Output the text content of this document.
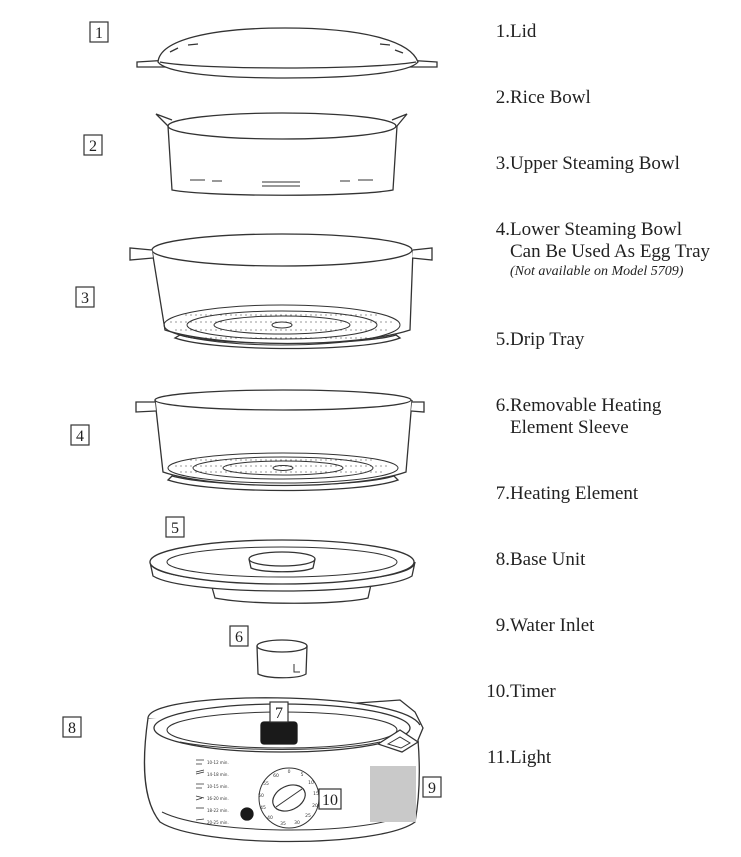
1
2
3
4
5
6
7
8
9
10
0
5
10
15
20
25
30
35
40
45
50
55
60
10-12 min.
14-18 min.
10-15 min.
16-20 min.
18-22 min.
20-25 min.
1. Lid
2. Rice Bowl
3. Upper Steaming Bowl
4. Lower Steaming Bowl
Can Be Used As Egg Tray
(Not available on Model 5709)
5. Drip Tray
6. Removable Heating
Element Sleeve
7. Heating Element
8. Base Unit
9. Water Inlet
10. Timer
11. Light
